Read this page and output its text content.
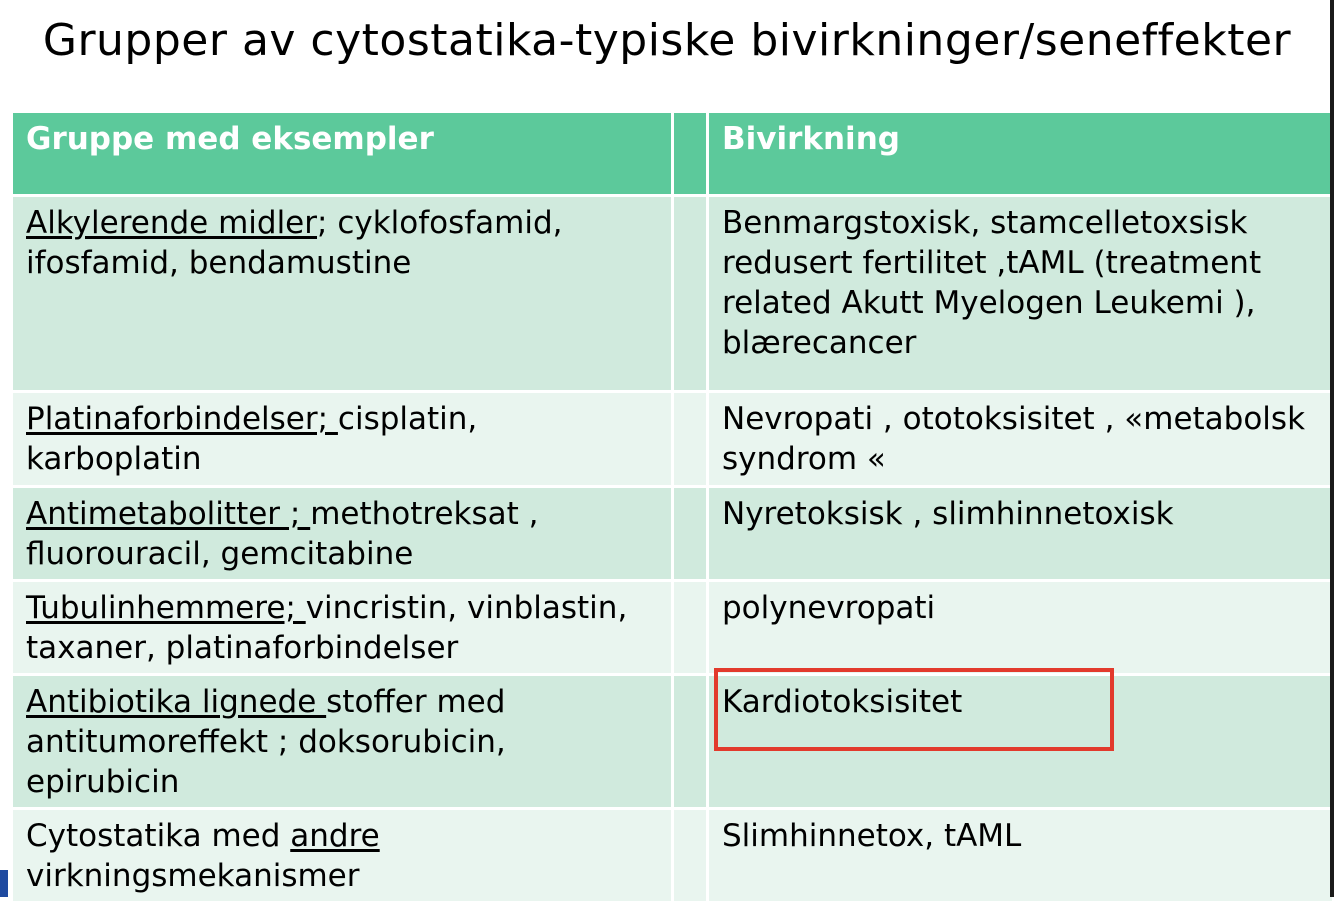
Grupper av cytostatika-typiske bivirkninger/seneffekter
Gruppe med eksempler		Bivirkning
Alkylerende midler; cyklofosfamid, ifosfamid, bendamustine		Benmargstoxisk, stamcelletoxsisk redusert fertilitet ,tAML (treatment related Akutt Myelogen Leukemi ), blærecancer
Platinaforbindelser; cisplatin, karboplatin		Nevropati , ototoksisitet , «metabolsk syndrom «
Antimetabolitter ; methotreksat , fluorouracil, gemcitabine		Nyretoksisk , slimhinnetoxisk
Tubulinhemmere; vincristin, vinblastin, taxaner, platinaforbindelser		polynevropati
Antibiotika lignede stoffer med antitumoreffekt ; doksorubicin, epirubicin		Kardiotoksisitet
Cytostatika med andre virkningsmekanismer		Slimhinnetox, tAML
